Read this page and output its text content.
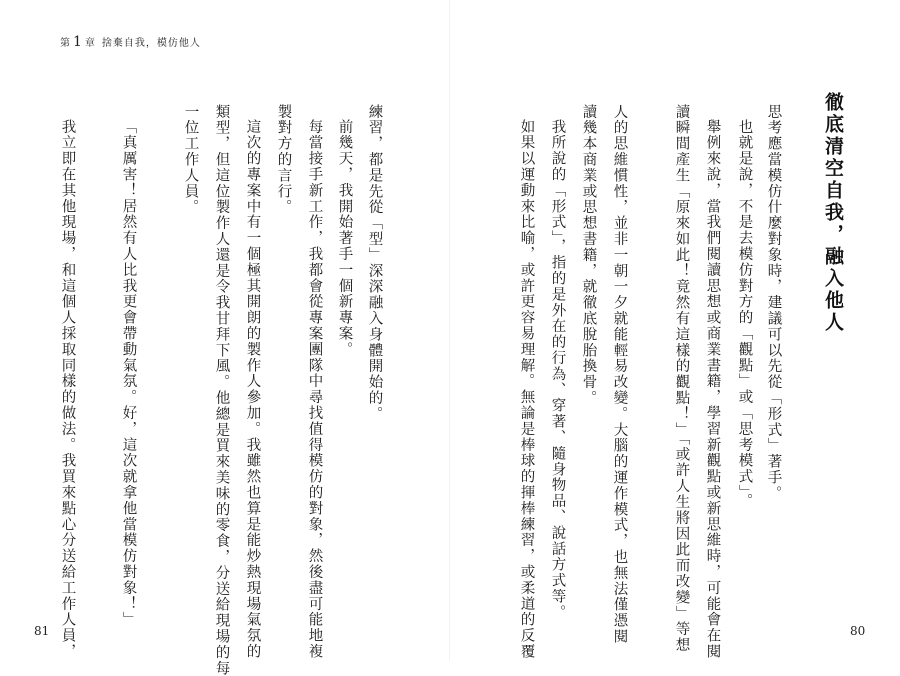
第 1 章 捨棄自我，模仿他人
徹底清空自我，融入他人
思考應當模仿什麼對象時，建議可以先從「形式」著手。
也就是說，不是去模仿對方的「觀點」或「思考模式」。
舉例來說，當我們閱讀思想或商業書籍，學習新觀點或新思維時，可能會在閱
讀瞬間產生「原來如此！竟然有這樣的觀點！」「或許人生將因此而改變」等想
人的思維慣性，並非一朝一夕就能輕易改變。大腦的運作模式，也無法僅憑閱
讀幾本商業或思想書籍，就徹底脫胎換骨。
我所說的「形式」，指的是外在的行為、穿著、隨身物品、說話方式等。
如果以運動來比喻，或許更容易理解。無論是棒球的揮棒練習，或柔道的反覆
練習，都是先從「型」深深融入身體開始的。
前幾天，我開始著手一個新專案。
每當接手新工作，我都會從專案團隊中尋找值得模仿的對象，然後盡可能地複
製對方的言行。
這次的專案中有一個極其開朗的製作人參加。我雖然也算是能炒熱現場氣氛的
類型，但這位製作人還是令我甘拜下風。他總是買來美味的零食，分送給現場的每
一位工作人員。
「真厲害！居然有人比我更會帶動氣氛。好，這次就拿他當模仿對象！」
我立即在其他現場，和這個人採取同樣的做法。我買來點心分送給工作人員，
81	80
